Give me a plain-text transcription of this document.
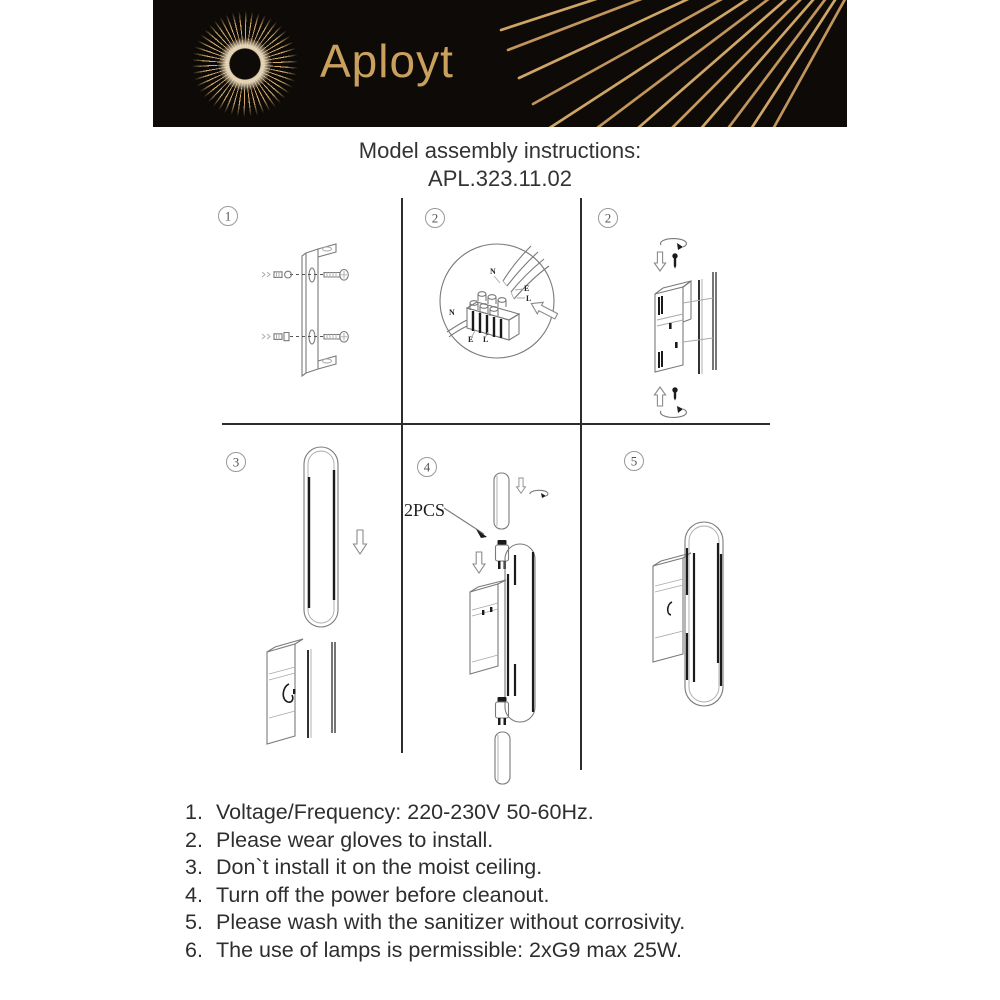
Aployt
Model assembly instructions:
APL.323.11.02
1	2
N
E
L
N
E L
2
3	4
2PCS
5
1. Voltage/Frequency: 220-230V 50-60Hz.
2. Please wear gloves to install.
3. Don`t install it on the moist ceiling.
4. Turn off the power before cleanout.
5. Please wash with the sanitizer without corrosivity.
6. The use of lamps is permissible: 2xG9 max 25W.
